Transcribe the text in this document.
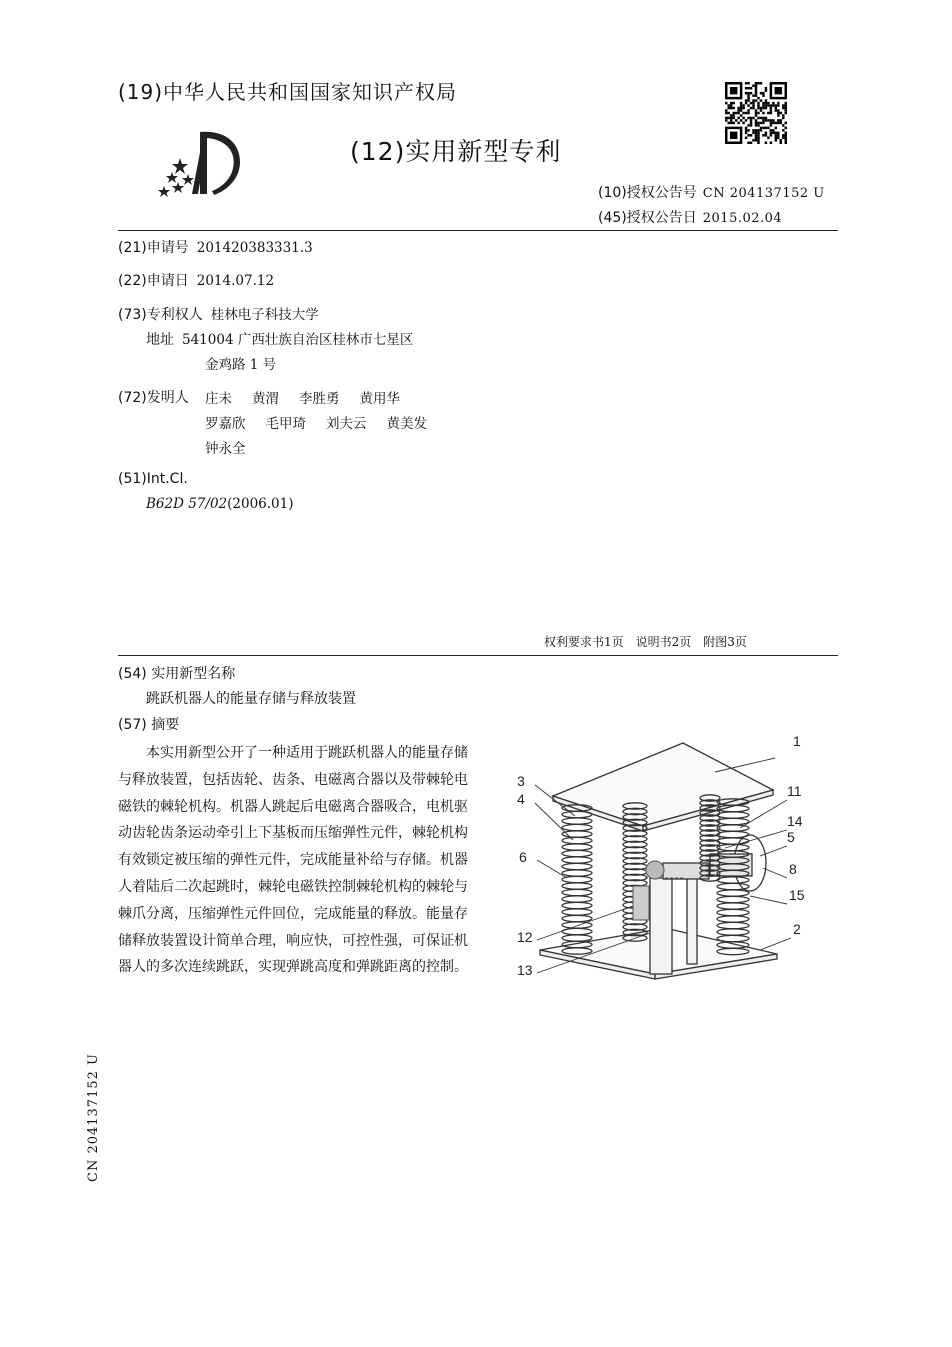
(19)中华人民共和国国家知识产权局
(12)实用新型专利
(10)授权公告号 CN 204137152 U
(45)授权公告日 2015.02.04
(21)申请号 201420383331.3
(22)申请日 2014.07.12
(73)专利权人 桂林电子科技大学
地址 541004 广西壮族自治区桂林市七星区
金鸡路 1 号
(72)发明人 庄未 黄渭 李胜勇 黄用华
罗嘉欣 毛甲琦 刘夫云 黄美发
钟永全
(51)Int.Cl.
B62D 57/02(2006.01)
权利要求书1页 说明书2页 附图3页
(54) 实用新型名称
跳跃机器人的能量存储与释放装置
(57) 摘要
本实用新型公开了一种适用于跳跃机器人的能量存储与释放装置，包括齿轮、齿条、电磁离合器以及带棘轮电磁铁的棘轮机构。机器人跳起后电磁离合器吸合，电机驱动齿轮齿条运动牵引上下基板而压缩弹性元件，棘轮机构有效锁定被压缩的弹性元件，完成能量补给与存储。机器人着陆后二次起跳时，棘轮电磁铁控制棘轮机构的棘轮与棘爪分离，压缩弹性元件回位，完成能量的释放。能量存储释放装置设计简单合理，响应快，可控性强，可保证机器人的多次连续跳跃，实现弹跳高度和弹跳距离的控制。
1
3
4
6
11
14
5
8
15
12
13
2
CN 204137152 U
